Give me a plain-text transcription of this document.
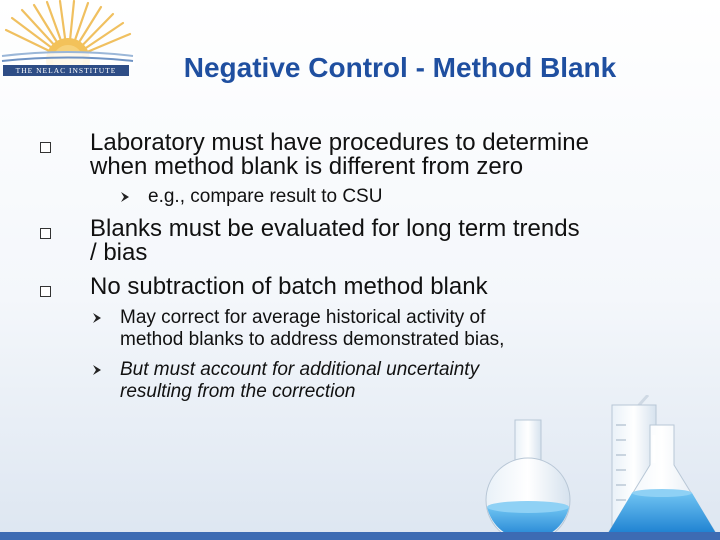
THE NELAC INSTITUTE	Negative Control - Method Blank
Laboratory must have procedures to determine
when method blank is different from zero
e.g., compare result to CSU
Blanks must be evaluated for long term trends
/ bias
No subtraction of batch method blank
May correct for average historical activity of
method blanks to address demonstrated bias,
But must account for additional uncertainty
resulting from the correction
